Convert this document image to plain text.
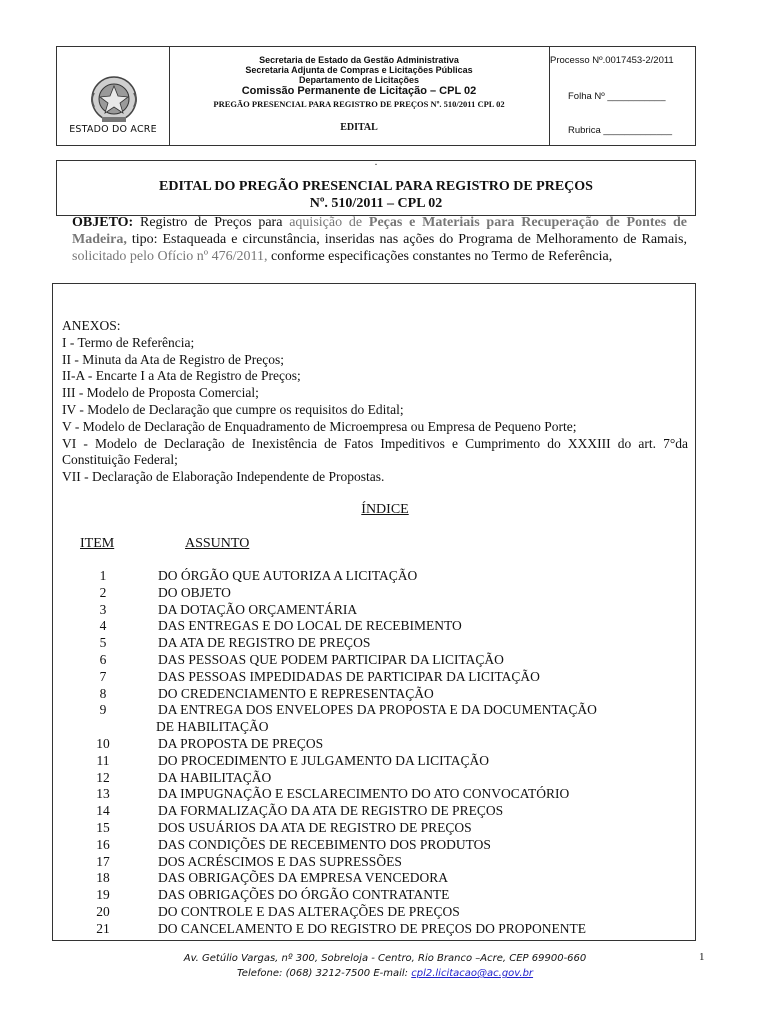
ESTADO DO ACRE
Secretaria de Estado da Gestão Administrativa
Secretaria Adjunta de Compras e Licitações Públicas
Departamento de Licitações
Comissão Permanente de Licitação – CPL 02
PREGÃO PRESENCIAL PARA REGISTRO DE PREÇOS Nº. 510/2011 CPL 02
EDITAL
Processo Nº.0017453-2/2011
Folha Nº ___________
Rubrica _____________
.
EDITAL DO PREGÃO PRESENCIAL PARA REGISTRO DE PREÇOS
Nº. 510/2011 – CPL 02
OBJETO: Registro de Preços para aquisição de Peças e Materiais para Recuperação de Pontes de Madeira, tipo: Estaqueada e circunstância, inseridas nas ações do Programa de Melhoramento de Ramais, solicitado pelo Ofício nº 476/2011, conforme especificações constantes no Termo de Referência,
ANEXOS:
I - Termo de Referência;
II - Minuta da Ata de Registro de Preços;
II-A - Encarte I a Ata de Registro de Preços;
III - Modelo de Proposta Comercial;
IV - Modelo de Declaração que cumpre os requisitos do Edital;
V - Modelo de Declaração de Enquadramento de Microempresa ou Empresa de Pequeno Porte;
VI - Modelo de Declaração de Inexistência de Fatos Impeditivos e Cumprimento do XXXIII do art. 7°da Constituição Federal;
VII - Declaração de Elaboração Independente de Propostas.
ÍNDICE
ITEM	ASSUNTO
1	DO ÓRGÃO QUE AUTORIZA A LICITAÇÃO
2	DO OBJETO
3	DA DOTAÇÃO ORÇAMENTÁRIA
4	DAS ENTREGAS E DO LOCAL DE RECEBIMENTO
5	DA ATA DE REGISTRO DE PREÇOS
6	DAS PESSOAS QUE PODEM PARTICIPAR DA LICITAÇÃO
7	DAS PESSOAS IMPEDIDADAS DE PARTICIPAR DA LICITAÇÃO
8	DO CREDENCIAMENTO E REPRESENTAÇÃO
9	DA ENTREGA DOS ENVELOPES DA PROPOSTA E DA DOCUMENTAÇÃO
DE HABILITAÇÃO
10	DA PROPOSTA DE PREÇOS
11	DO PROCEDIMENTO E JULGAMENTO DA LICITAÇÃO
12	DA HABILITAÇÃO
13	DA IMPUGNAÇÃO E ESCLARECIMENTO DO ATO CONVOCATÓRIO
14	DA FORMALIZAÇÃO DA ATA DE REGISTRO DE PREÇOS
15	DOS USUÁRIOS DA ATA DE REGISTRO DE PREÇOS
16	DAS CONDIÇÕES DE RECEBIMENTO DOS PRODUTOS
17	DOS ACRÉSCIMOS E DAS SUPRESSÕES
18	DAS OBRIGAÇÕES DA EMPRESA VENCEDORA
19	DAS OBRIGAÇÕES DO ÓRGÃO CONTRATANTE
20	DO CONTROLE E DAS ALTERAÇÕES DE PREÇOS
21	DO CANCELAMENTO E DO REGISTRO DE PREÇOS DO PROPONENTE
Av. Getúlio Vargas, nº 300, Sobreloja - Centro, Rio Branco –Acre, CEP 69900-660
Telefone: (068) 3212-7500 E-mail: cpl2.licitacao@ac.gov.br
1
